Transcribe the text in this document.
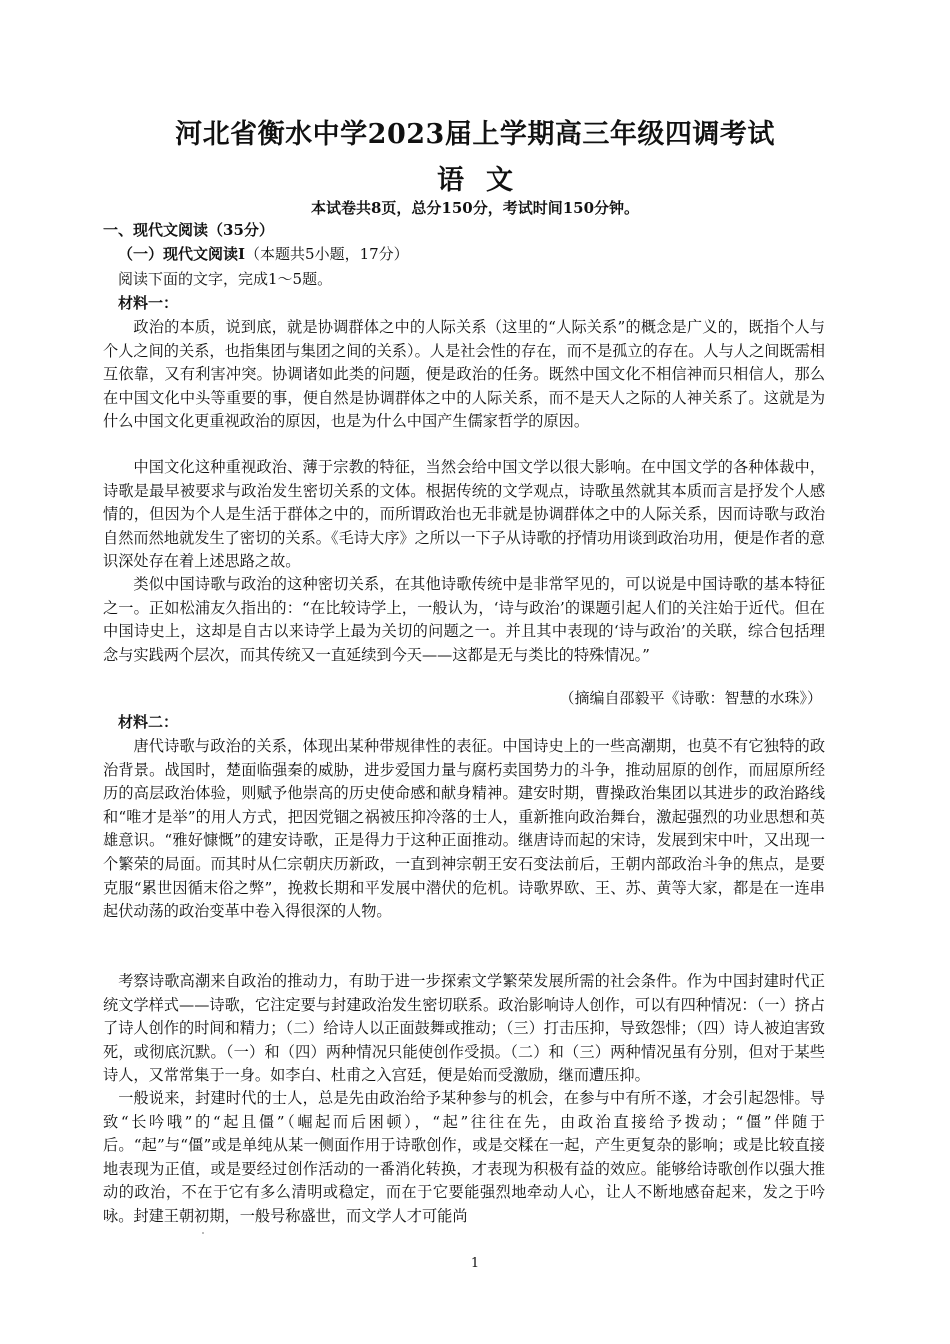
河北省衡水中学2023届上学期高三年级四调考试
语文
本试卷共8页，总分150分，考试时间150分钟。
一、现代文阅读（35分）
（一）现代文阅读Ⅰ（本题共5小题，17分）
阅读下面的文字，完成1～5题。
材料一：
政治的本质，说到底，就是协调群体之中的人际关系（这里的“人际关系”的概念是广义的，既指个人与个人之间的关系，也指集团与集团之间的关系）。人是社会性的存在，而不是孤立的存在。人与人之间既需相互依靠，又有利害冲突。协调诸如此类的问题，便是政治的任务。既然中国文化不相信神而只相信人，那么在中国文化中头等重要的事，便自然是协调群体之中的人际关系，而不是天人之际的人神关系了。这就是为什么中国文化更重视政治的原因，也是为什么中国产生儒家哲学的原因。
中国文化这种重视政治、薄于宗教的特征，当然会给中国文学以很大影响。在中国文学的各种体裁中，诗歌是最早被要求与政治发生密切关系的文体。根据传统的文学观点，诗歌虽然就其本质而言是抒发个人感情的，但因为个人是生活于群体之中的，而所谓政治也无非就是协调群体之中的人际关系，因而诗歌与政治自然而然地就发生了密切的关系。《毛诗大序》之所以一下子从诗歌的抒情功用谈到政治功用，便是作者的意识深处存在着上述思路之故。
类似中国诗歌与政治的这种密切关系，在其他诗歌传统中是非常罕见的，可以说是中国诗歌的基本特征之一。正如松浦友久指出的：“在比较诗学上，一般认为，‘诗与政治’的课题引起人们的关注始于近代。但在中国诗史上，这却是自古以来诗学上最为关切的问题之一。并且其中表现的‘诗与政治’的关联，综合包括理念与实践两个层次，而其传统又一直延续到今天——这都是无与类比的特殊情况。”
（摘编自邵毅平《诗歌：智慧的水珠》）
材料二：
唐代诗歌与政治的关系，体现出某种带规律性的表征。中国诗史上的一些高潮期，也莫不有它独特的政治背景。战国时，楚面临强秦的威胁，进步爱国力量与腐朽卖国势力的斗争，推动屈原的创作，而屈原所经历的高层政治体验，则赋予他崇高的历史使命感和献身精神。建安时期，曹操政治集团以其进步的政治路线和“唯才是举”的用人方式，把因党锢之祸被压抑冷落的士人，重新推向政治舞台，激起强烈的功业思想和英雄意识。“雅好慷慨”的建安诗歌，正是得力于这种正面推动。继唐诗而起的宋诗，发展到宋中叶，又出现一个繁荣的局面。而其时从仁宗朝庆历新政，一直到神宗朝王安石变法前后，王朝内部政治斗争的焦点，是要克服“累世因循末俗之弊”，挽救长期和平发展中潜伏的危机。诗歌界欧、王、苏、黄等大家，都是在一连串起伏动荡的政治变革中卷入得很深的人物。
考察诗歌高潮来自政治的推动力，有助于进一步探索文学繁荣发展所需的社会条件。作为中国封建时代正统文学样式——诗歌，它注定要与封建政治发生密切联系。政治影响诗人创作，可以有四种情况：（一）挤占了诗人创作的时间和精力；（二）给诗人以正面鼓舞或推动；（三）打击压抑，导致怨悱；（四）诗人被迫害致死，或彻底沉默。（一）和（四）两种情况只能使创作受损。（二）和（三）两种情况虽有分别，但对于某些诗人，又常常集于一身。如李白、杜甫之入宫廷，便是始而受激励，继而遭压抑。
一般说来，封建时代的士人，总是先由政治给予某种参与的机会，在参与中有所不遂，才会引起怨悱。导致“长吟哦”的“起且僵”（崛起而后困顿），“起”往往在先，由政治直接给予拨动；“僵”伴随于后。“起”与“僵”或是单纯从某一侧面作用于诗歌创作，或是交糅在一起，产生更复杂的影响；或是比较直接地表现为正值，或是要经过创作活动的一番消化转换，才表现为积极有益的效应。能够给诗歌创作以强大推动的政治，不在于它有多么清明或稳定，而在于它要能强烈地牵动人心，让人不断地感奋起来，发之于吟咏。封建王朝初期，一般号称盛世，而文学人才可能尚
1
